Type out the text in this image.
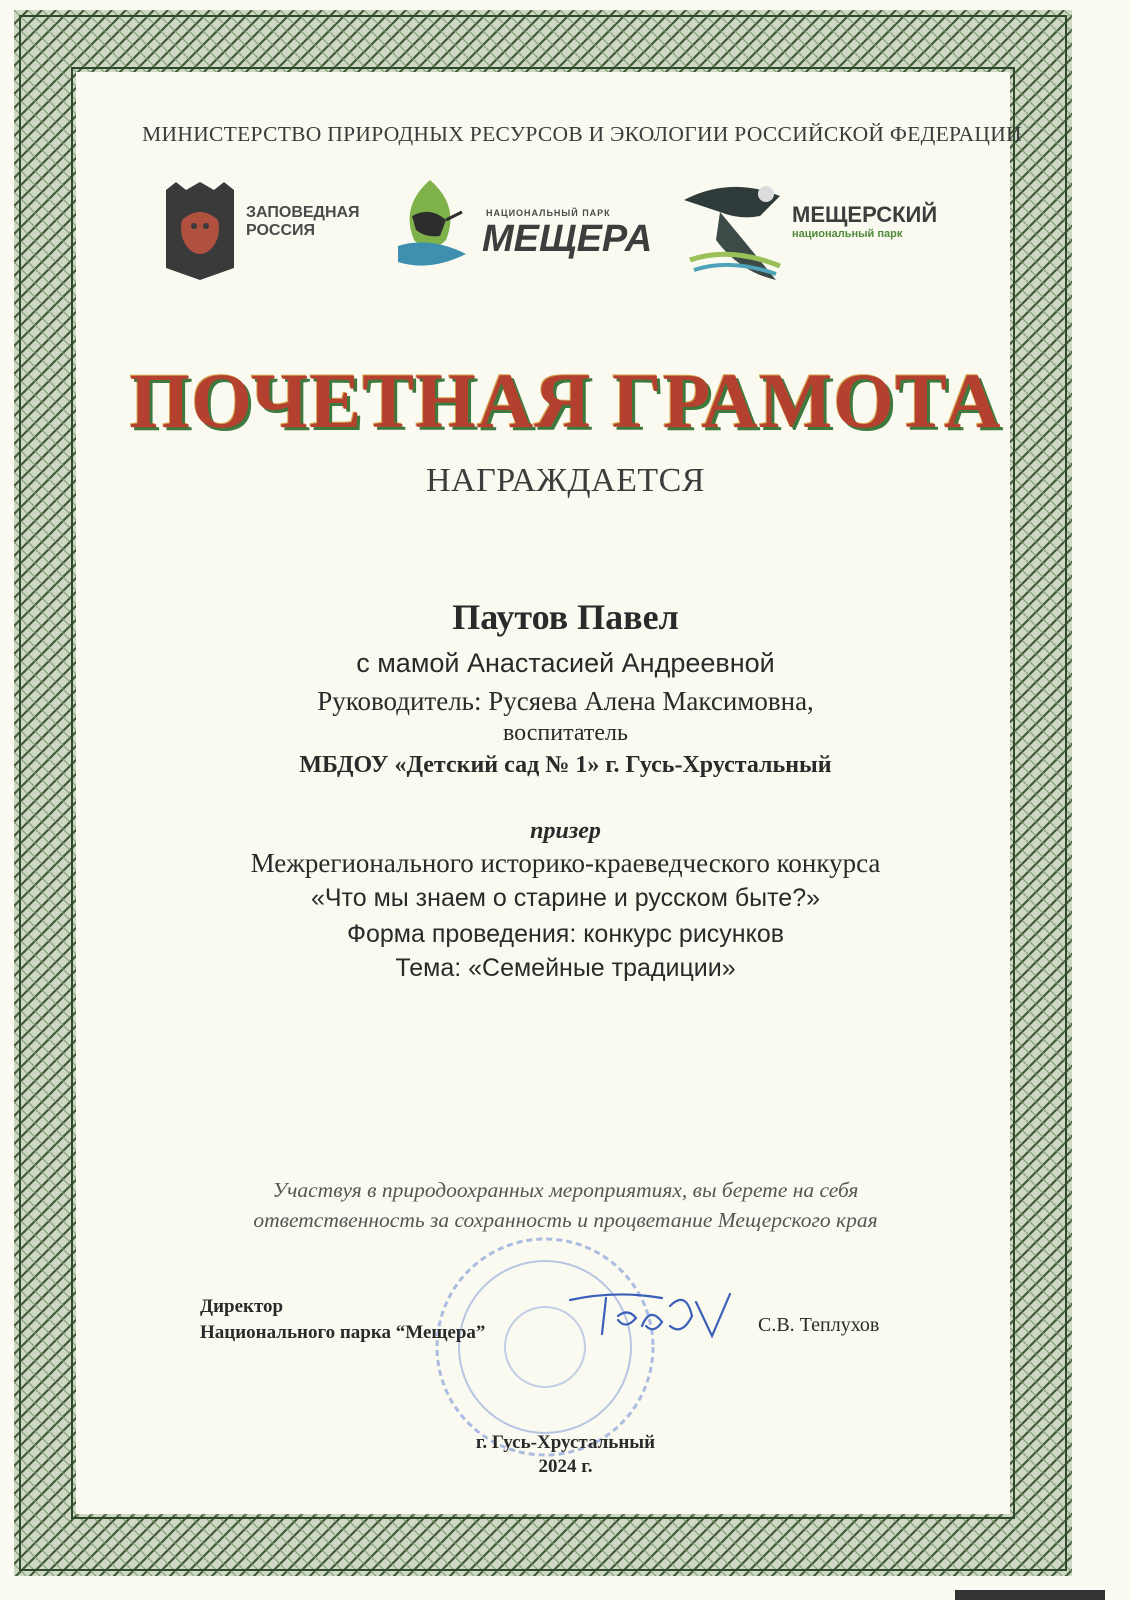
МИНИСТЕРСТВО ПРИРОДНЫХ РЕСУРСОВ И ЭКОЛОГИИ РОССИЙСКОЙ ФЕДЕРАЦИИ
ЗАПОВЕДНАЯ
РОССИЯ
НАЦИОНАЛЬНЫЙ ПАРК
МЕЩЕРА
МЕЩЕРСКИЙ
национальный парк
ПОЧЕТНАЯ ГРАМОТА
НАГРАЖДАЕТСЯ
Паутов Павел
с мамой Анастасией Андреевной
Руководитель: Русяева Алена Максимовна,
воспитатель
МБДОУ «Детский сад № 1» г. Гусь-Хрустальный
призер
Межрегионального историко-краеведческого конкурса
«Что мы знаем о старине и русском быте?»
Форма проведения: конкурс рисунков
Тема: «Семейные традиции»
Участвуя в природоохранных мероприятиях, вы берете на себя
ответственность за сохранность и процветание Мещерского края
Директор
Национального парка “Мещера”	С.В. Теплухов
г. Гусь-Хрустальный
2024 г.
